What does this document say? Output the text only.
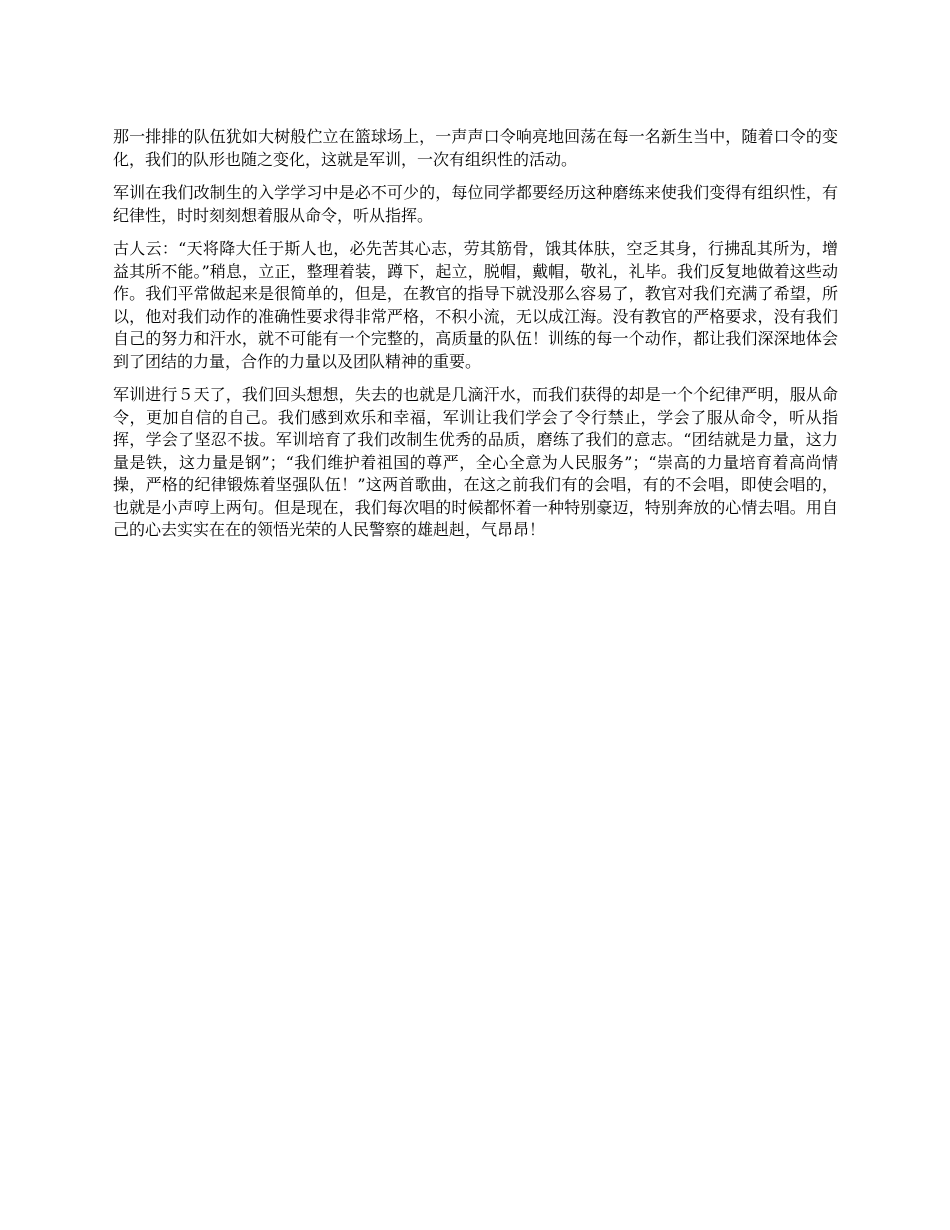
那一排排的队伍犹如大树般伫立在篮球场上，一声声口令响亮地回荡在每一名新生当中，随着口令的变化，我们的队形也随之变化，这就是军训，一次有组织性的活动。

军训在我们改制生的入学学习中是必不可少的，每位同学都要经历这种磨练来使我们变得有组织性，有纪律性，时时刻刻想着服从命令，听从指挥。

古人云：“天将降大任于斯人也，必先苦其心志，劳其筋骨，饿其体肤，空乏其身，行拂乱其所为，增益其所不能。”稍息，立正，整理着装，蹲下，起立，脱帽，戴帽，敬礼，礼毕。我们反复地做着这些动作。我们平常做起来是很简单的，但是，在教官的指导下就没那么容易了，教官对我们充满了希望，所以，他对我们动作的准确性要求得非常严格，不积小流，无以成江海。没有教官的严格要求，没有我们自己的努力和汗水，就不可能有一个完整的，高质量的队伍！训练的每一个动作，都让我们深深地体会到了团结的力量，合作的力量以及团队精神的重要。

军训进行５天了，我们回头想想，失去的也就是几滴汗水，而我们获得的却是一个个纪律严明，服从命令，更加自信的自己。我们感到欢乐和幸福，军训让我们学会了令行禁止，学会了服从命令，听从指挥，学会了坚忍不拔。军训培育了我们改制生优秀的品质，磨练了我们的意志。“团结就是力量，这力量是铁，这力量是钢”；“我们维护着祖国的尊严，全心全意为人民服务”；“崇高的力量培育着高尚情操，严格的纪律锻炼着坚强队伍！”这两首歌曲，在这之前我们有的会唱，有的不会唱，即使会唱的，也就是小声哼上两句。但是现在，我们每次唱的时候都怀着一种特别豪迈，特别奔放的心情去唱。用自己的心去实实在在的领悟光荣的人民警察的雄赳赳，气昂昂！
